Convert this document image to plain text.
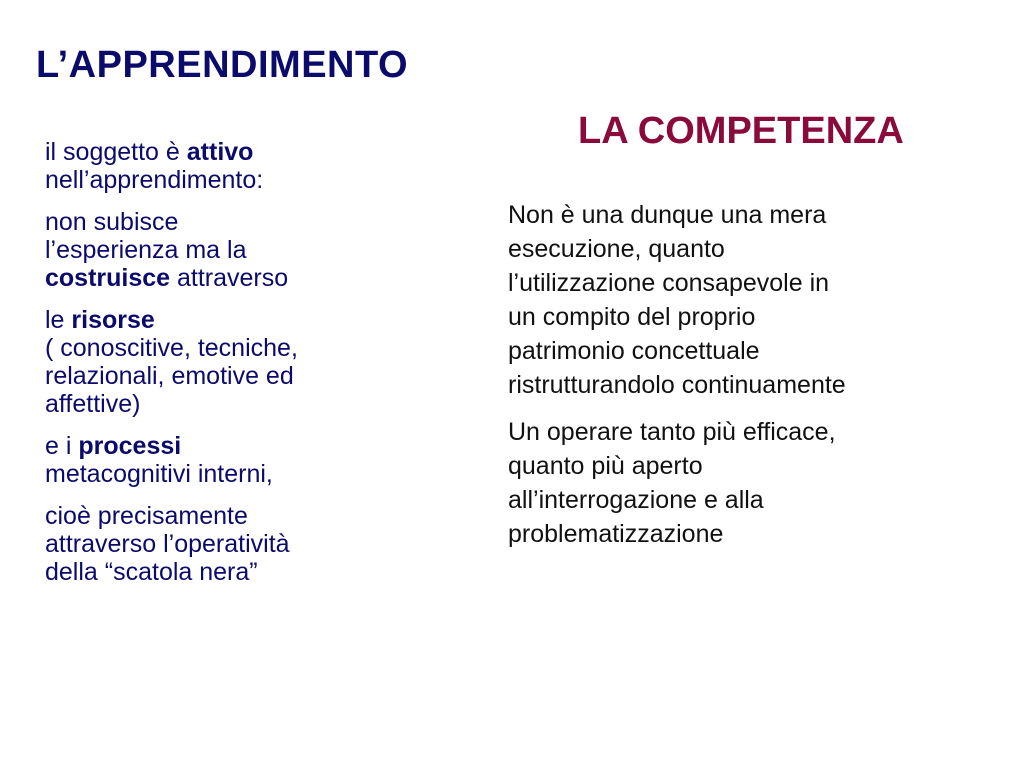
L’APPRENDIMENTO
LA COMPETENZA

il soggetto è attivo
nell’apprendimento:

non subisce
l’esperienza ma la
costruisce attraverso

le risorse
( conoscitive, tecniche,
relazionali, emotive ed
affettive)

e i processi
metacognitivi interni,

cioè precisamente
attraverso l’operatività
della “scatola nera”

Non è una dunque una mera
esecuzione, quanto
l’utilizzazione consapevole in
un compito del proprio
patrimonio concettuale
ristrutturandolo continuamente

Un operare tanto più efficace,
quanto più aperto
all’interrogazione e alla
problematizzazione
